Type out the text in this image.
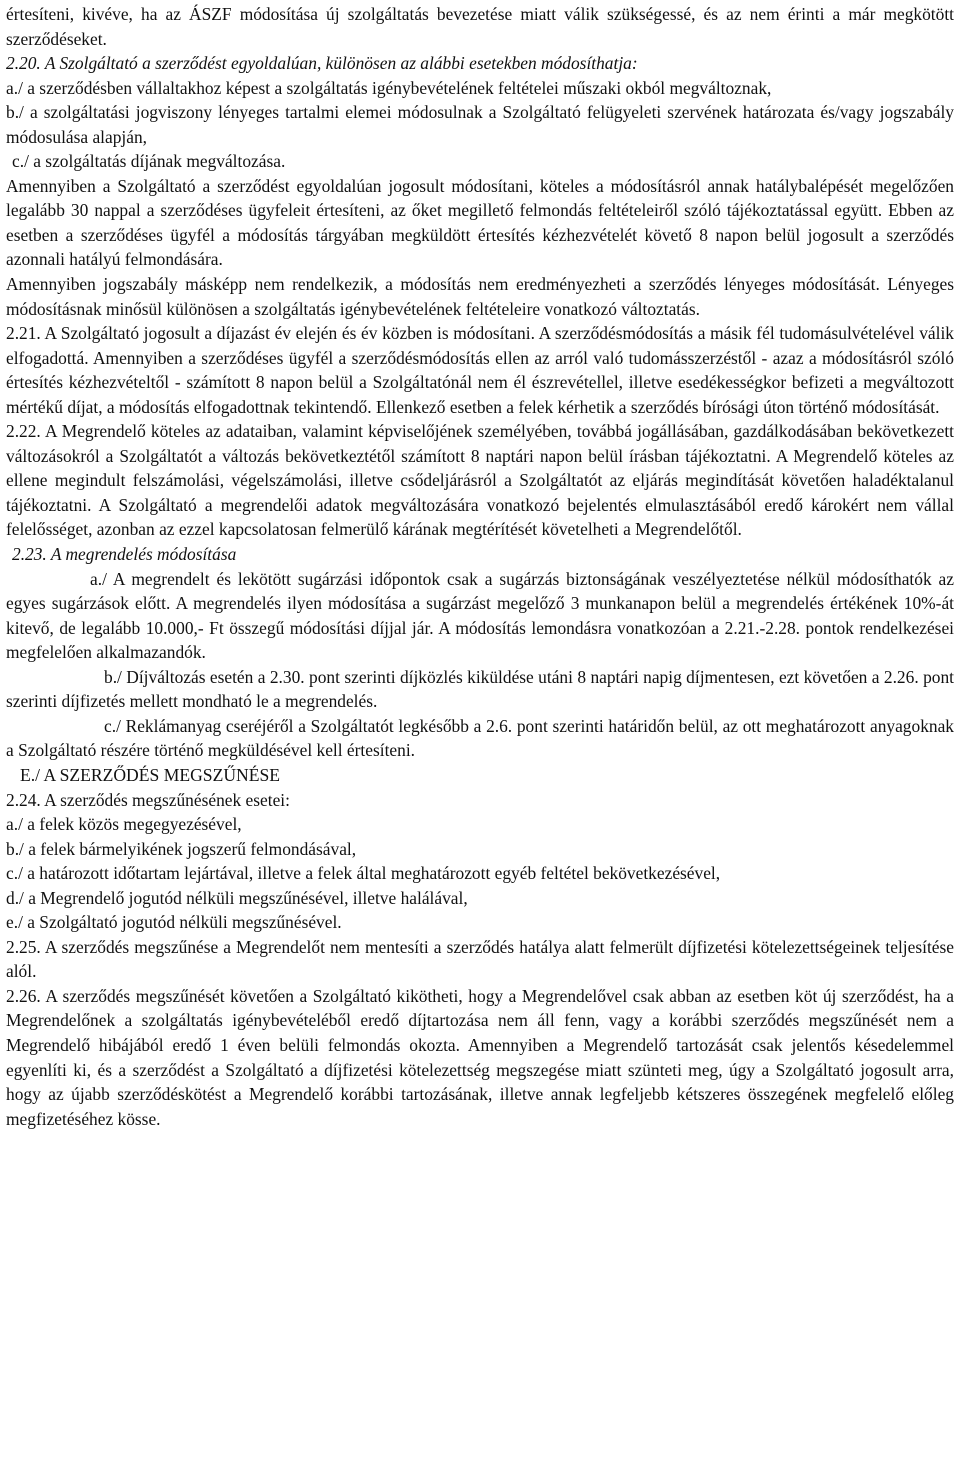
értesíteni, kivéve, ha az ÁSZF módosítása új szolgáltatás bevezetése miatt válik szükségessé, és az nem érinti a már megkötött szerződéseket.

2.20. A Szolgáltató a szerződést egyoldalúan, különösen az alábbi esetekben módosíthatja:

a./ a szerződésben vállaltakhoz képest a szolgáltatás igénybevételének feltételei műszaki okból megváltoznak,

b./ a szolgáltatási jogviszony lényeges tartalmi elemei módosulnak a Szolgáltató felügyeleti szervének határozata és/vagy jogszabály módosulása alapján,

c./ a szolgáltatás díjának megváltozása.

Amennyiben a Szolgáltató a szerződést egyoldalúan jogosult módosítani, köteles a módosításról annak hatálybalépését megelőzően legalább 30 nappal a szerződéses ügyfeleit értesíteni, az őket megillető felmondás feltételeiről szóló tájékoztatással együtt. Ebben az esetben a szerződéses ügyfél a módosítás tárgyában megküldött értesítés kézhezvételét követő 8 napon belül jogosult a szerződés azonnali hatályú felmondására.

Amennyiben jogszabály másképp nem rendelkezik, a módosítás nem eredményezheti a szerződés lényeges módosítását. Lényeges módosításnak minősül különösen a szolgáltatás igénybevételének feltételeire vonatkozó változtatás.

2.21. A Szolgáltató jogosult a díjazást év elején és év közben is módosítani. A szerződésmódosítás a másik fél tudomásulvételével válik elfogadottá. Amennyiben a szerződéses ügyfél a szerződésmódosítás ellen az arról való tudomásszerzéstől - azaz a módosításról szóló értesítés kézhezvételtől - számított 8 napon belül a Szolgáltatónál nem él észrevétellel, illetve esedékességkor befizeti a megváltozott mértékű díjat, a módosítás elfogadottnak tekintendő. Ellenkező esetben a felek kérhetik a szerződés bírósági úton történő módosítását.

2.22. A Megrendelő köteles az adataiban, valamint képviselőjének személyében, továbbá jogállásában, gazdálkodásában bekövetkezett változásokról a Szolgáltatót a változás bekövetkeztétől számított 8 naptári napon belül írásban tájékoztatni. A Megrendelő köteles az ellene megindult felszámolási, végelszámolási, illetve csődeljárásról a Szolgáltatót az eljárás megindítását követően haladéktalanul tájékoztatni. A Szolgáltató a megrendelői adatok megváltozására vonatkozó bejelentés elmulasztásából eredő károkért nem vállal felelősséget, azonban az ezzel kapcsolatosan felmerülő kárának megtérítését követelheti a Megrendelőtől.

2.23. A megrendelés módosítása

a./ A megrendelt és lekötött sugárzási időpontok csak a sugárzás biztonságának veszélyeztetése nélkül módosíthatók az egyes sugárzások előtt. A megrendelés ilyen módosítása a sugárzást megelőző 3 munkanapon belül a megrendelés értékének 10%-át kitevő, de legalább 10.000,- Ft összegű módosítási díjjal jár. A módosítás lemondásra vonatkozóan a 2.21.-2.28. pontok rendelkezései megfelelően alkalmazandók.

b./ Díjváltozás esetén a 2.30. pont szerinti díjközlés kiküldése utáni 8 naptári napig díjmentesen, ezt követően a 2.26. pont szerinti díjfizetés mellett mondható le a megrendelés.

c./ Reklámanyag cseréjéről a Szolgáltatót legkésőbb a 2.6. pont szerinti határidőn belül, az ott meghatározott anyagoknak a Szolgáltató részére történő megküldésével kell értesíteni.

E./ A SZERZŐDÉS MEGSZŰNÉSE

2.24. A szerződés megszűnésének esetei:

a./ a felek közös megegyezésével,

b./ a felek bármelyikének jogszerű felmondásával,

c./ a határozott időtartam lejártával, illetve a felek által meghatározott egyéb feltétel bekövetkezésével,

d./ a Megrendelő jogutód nélküli megszűnésével, illetve halálával,

e./ a Szolgáltató jogutód nélküli megszűnésével.

2.25. A szerződés megszűnése a Megrendelőt nem mentesíti a szerződés hatálya alatt felmerült díjfizetési kötelezettségeinek teljesítése alól.

2.26. A szerződés megszűnését követően a Szolgáltató kikötheti, hogy a Megrendelővel csak abban az esetben köt új szerződést, ha a Megrendelőnek a szolgáltatás igénybevételéből eredő díjtartozása nem áll fenn, vagy a korábbi szerződés megszűnését nem a Megrendelő hibájából eredő 1 éven belüli felmondás okozta. Amennyiben a Megrendelő tartozását csak jelentős késedelemmel egyenlíti ki, és a szerződést a Szolgáltató a díjfizetési kötelezettség megszegése miatt szünteti meg, úgy a Szolgáltató jogosult arra, hogy az újabb szerződéskötést a Megrendelő korábbi tartozásának, illetve annak legfeljebb kétszeres összegének megfelelő előleg megfizetéséhez kösse.
